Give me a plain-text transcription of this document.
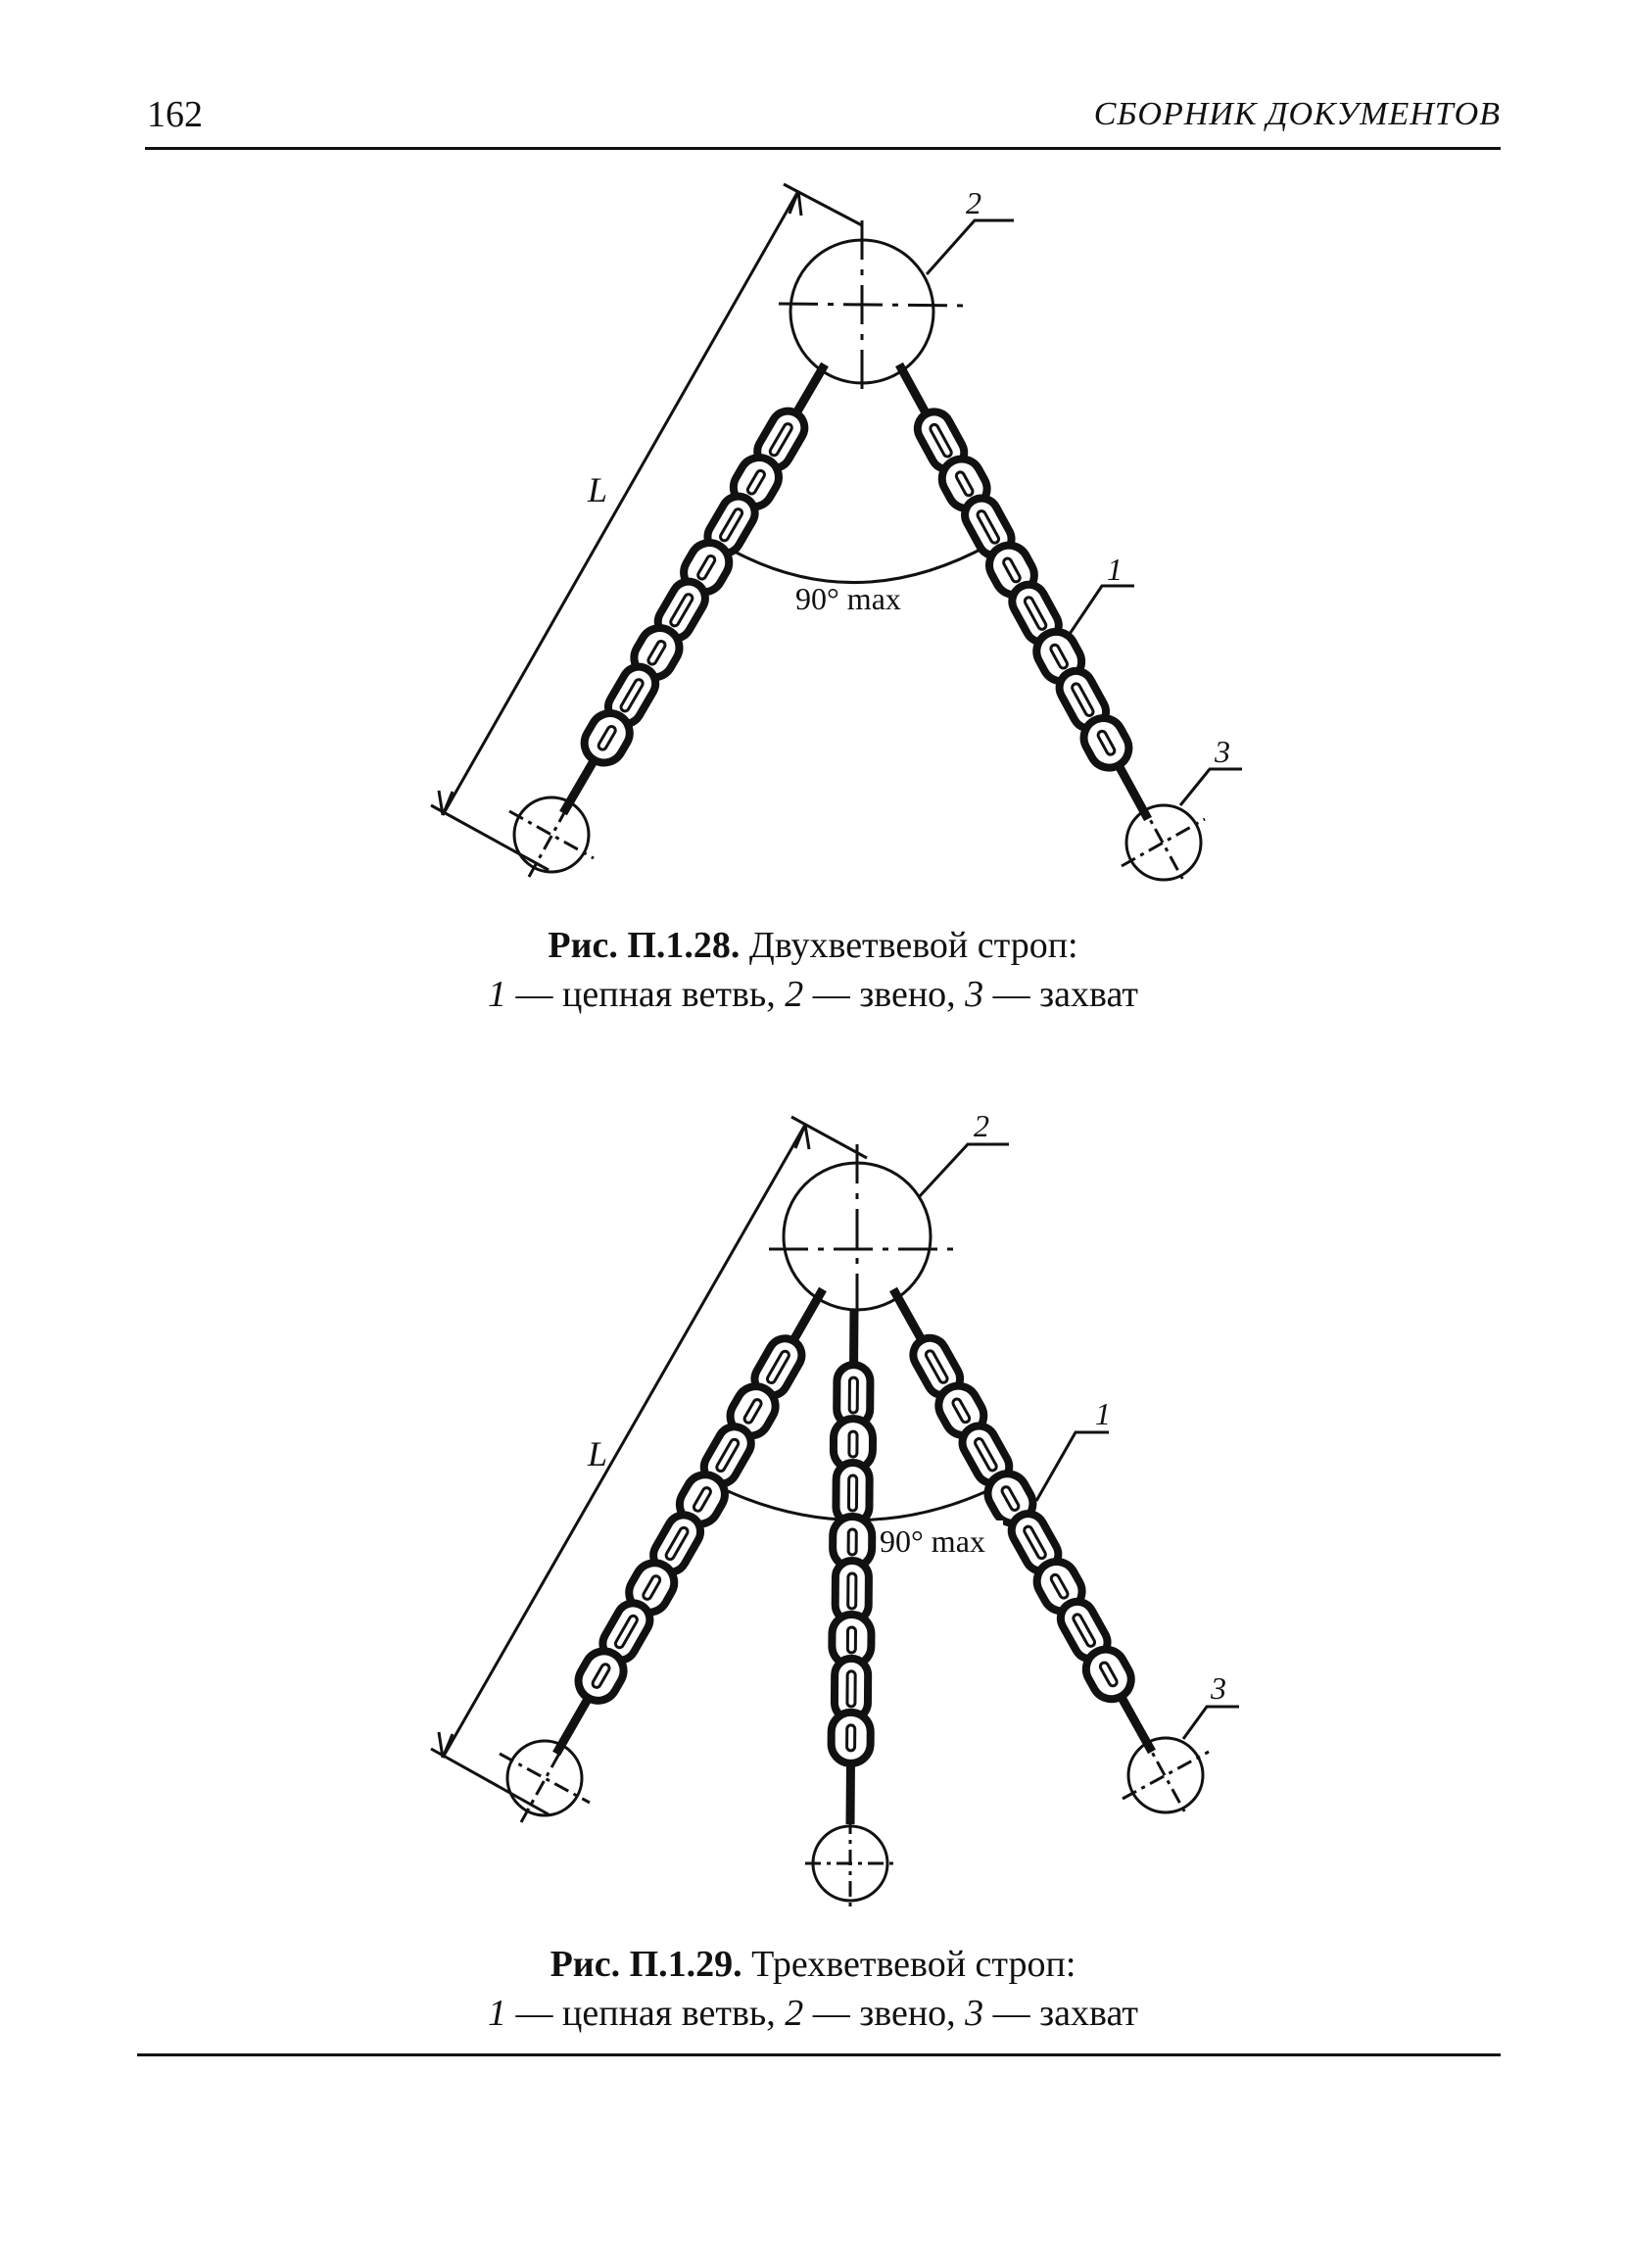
162	СБОРНИК ДОКУМЕНТОВ
L
2
1
3
90° max
Рис. П.1.28. Двухветвевой строп:
1 — цепная ветвь, 2 — звено, 3 — захват
L
2
1
3
90° max
Рис. П.1.29. Трехветвевой строп:
1 — цепная ветвь, 2 — звено, 3 — захват
